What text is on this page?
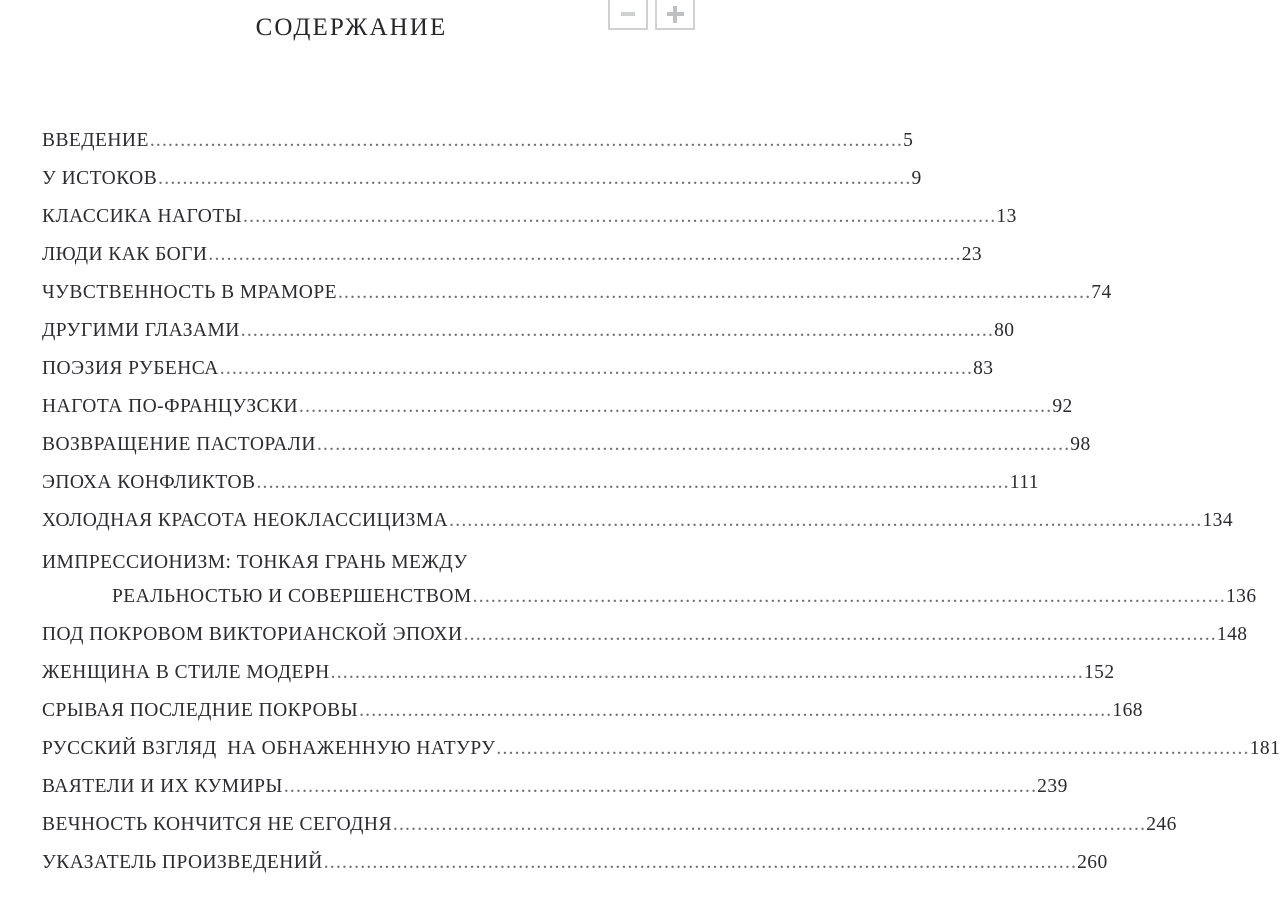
СОДЕРЖАНИЕ
ВВЕДЕНИЕ .....	5
У ИСТОКОВ .....	9
КЛАССИКА НАГОТЫ .....	13
ЛЮДИ КАК БОГИ .....	23
ЧУВСТВЕННОСТЬ В МРАМОРЕ .....	74
ДРУГИМИ ГЛАЗАМИ .....	80
ПОЭЗИЯ РУБЕНСА .....	83
НАГОТА ПО-ФРАНЦУЗСКИ .....	92
ВОЗВРАЩЕНИЕ ПАСТОРАЛИ .....	98
ЭПОХА КОНФЛИКТОВ .....	111
ХОЛОДНАЯ КРАСОТА НЕОКЛАССИЦИЗМА .....	134
ИМПРЕССИОНИЗМ: ТОНКАЯ ГРАНЬ МЕЖДУ
РЕАЛЬНОСТЬЮ И СОВЕРШЕНСТВОМ .....	136
ПОД ПОКРОВОМ ВИКТОРИАНСКОЙ ЭПОХИ .....	148
ЖЕНЩИНА В СТИЛЕ МОДЕРН .....	152
СРЫВАЯ ПОСЛЕДНИЕ ПОКРОВЫ .....	168
РУССКИЙ ВЗГЛЯД  НА ОБНАЖЕННУЮ НАТУРУ .....	181
ВАЯТЕЛИ И ИХ КУМИРЫ .....	239
ВЕЧНОСТЬ КОНЧИТСЯ НЕ СЕГОДНЯ .....	246
УКАЗАТЕЛЬ ПРОИЗВЕДЕНИЙ .....	260
